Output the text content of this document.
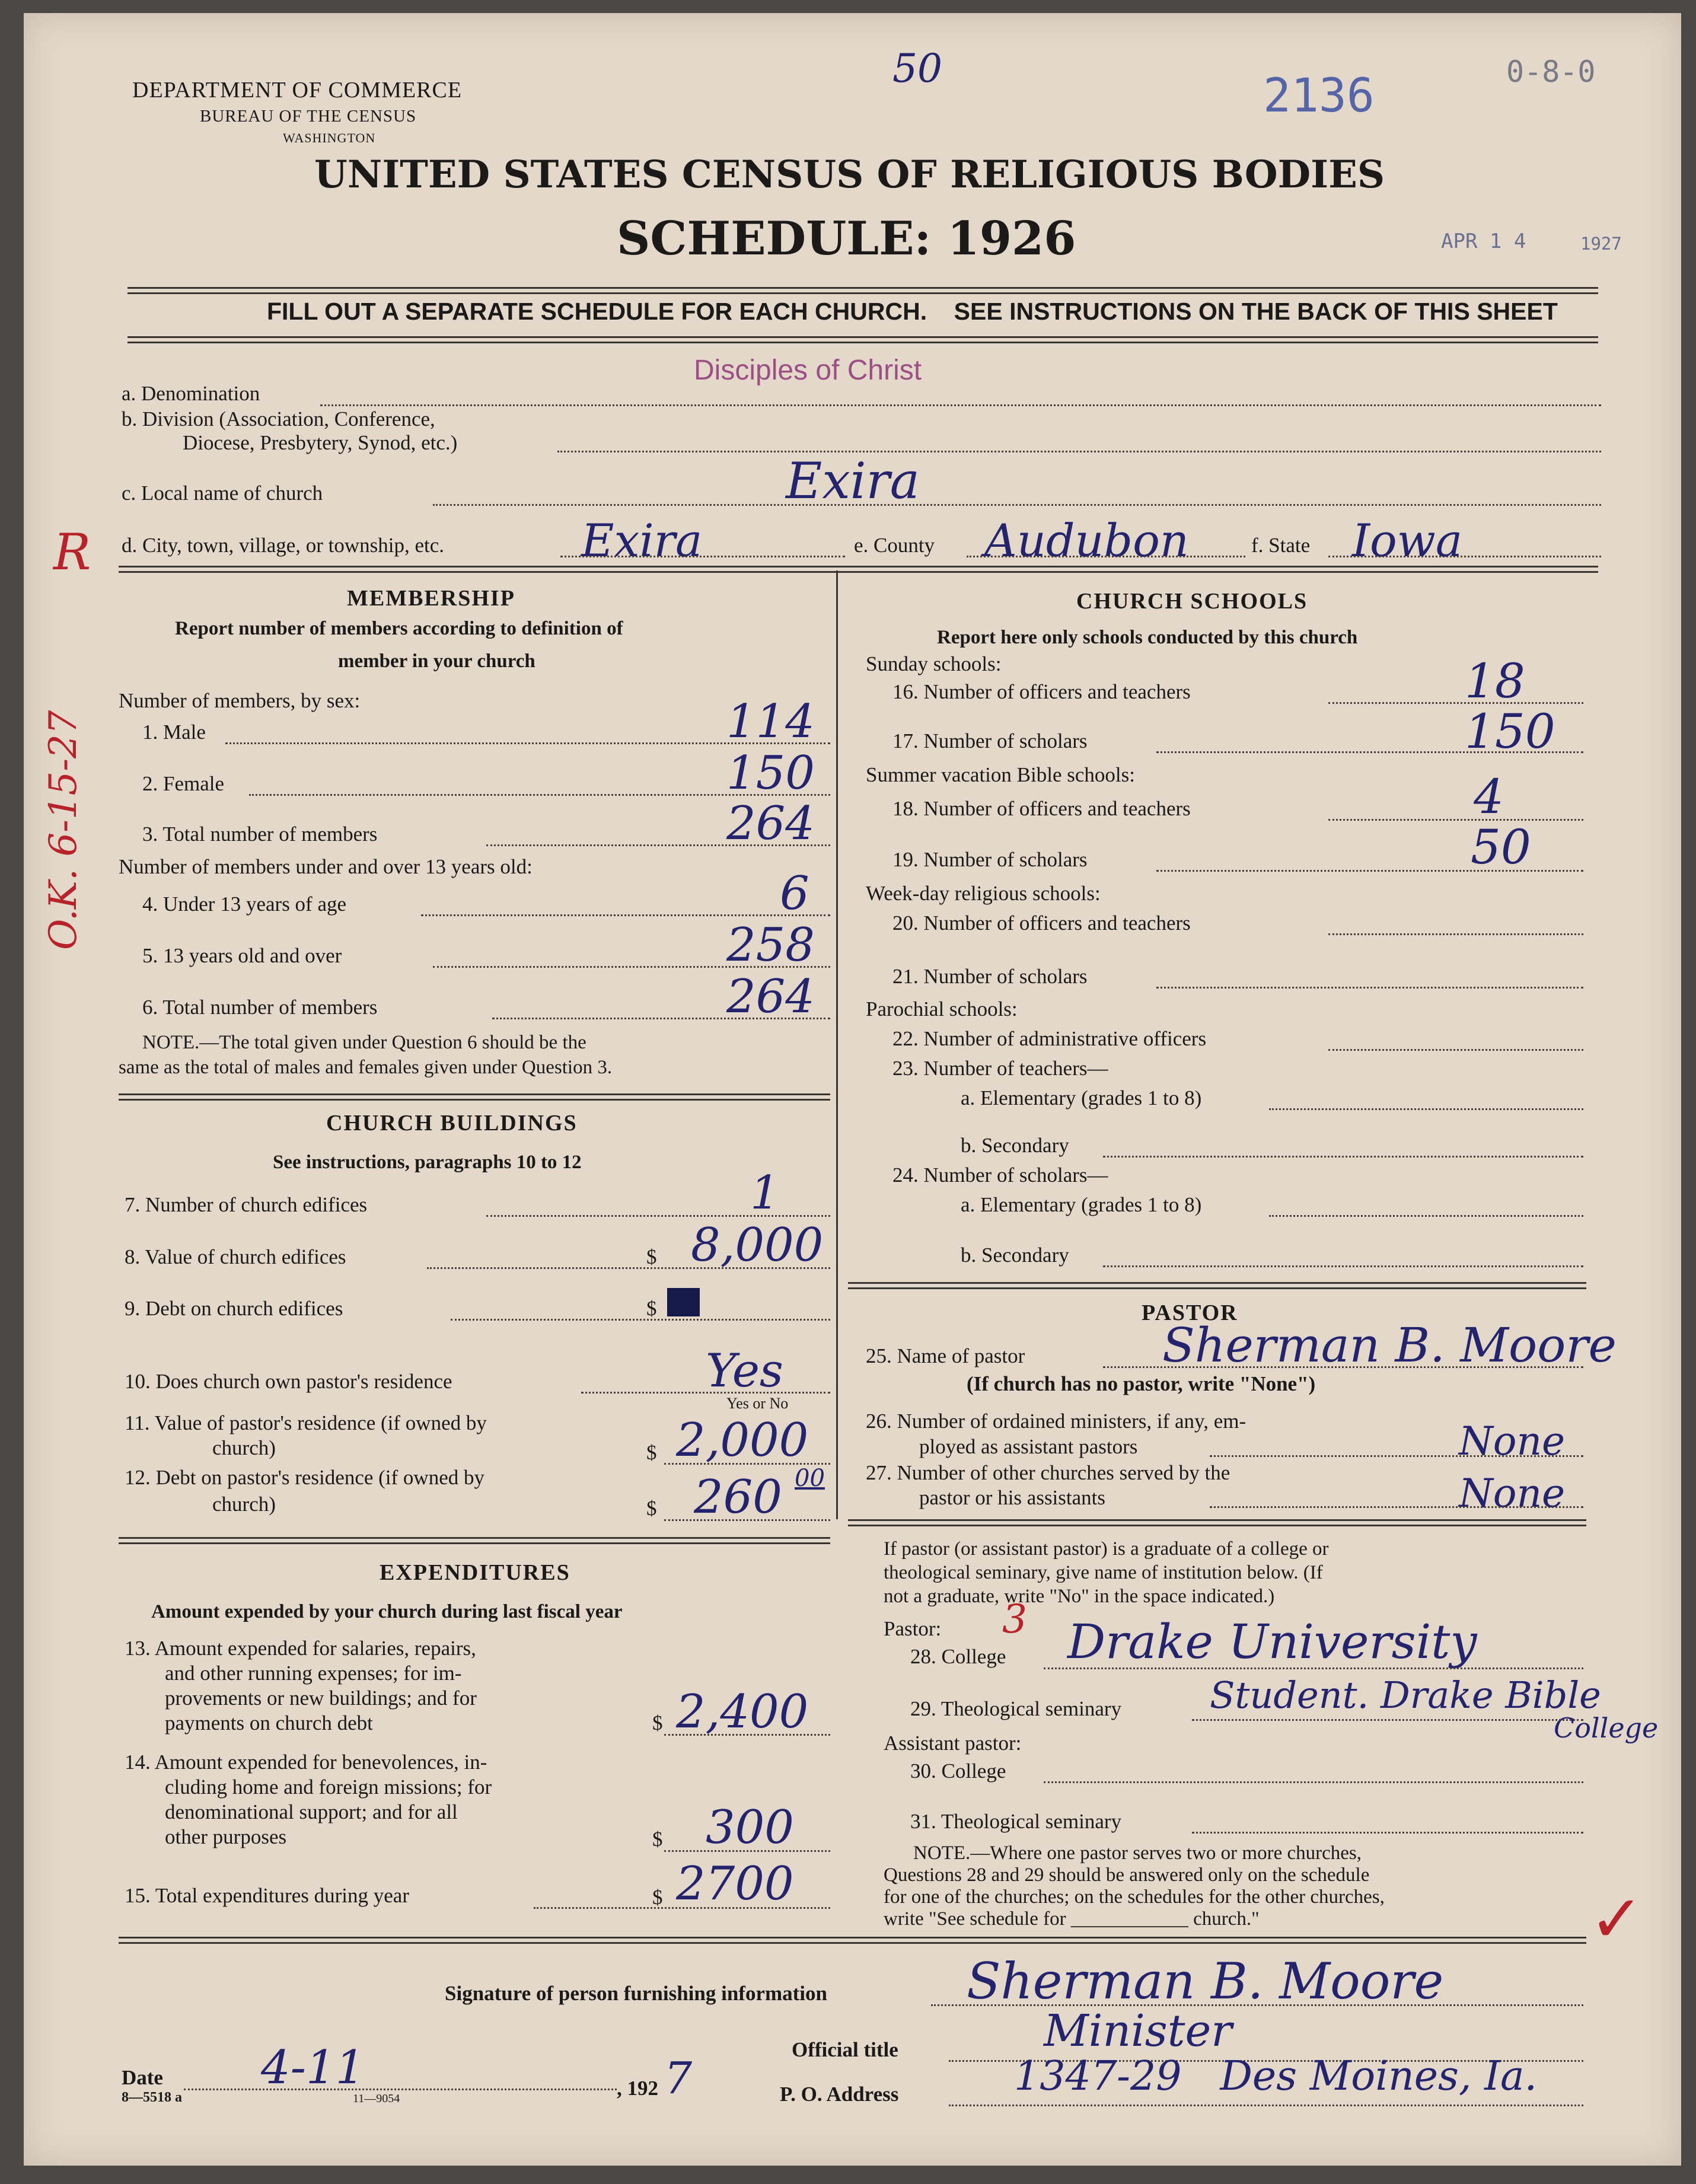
DEPARTMENT OF COMMERCE
BUREAU OF THE CENSUS
WASHINGTON
50
2136	0-8-0
APR 1 4	1927
UNITED STATES CENSUS OF RELIGIOUS BODIES
SCHEDULE: 1926
FILL OUT A SEPARATE SCHEDULE FOR EACH CHURCH.    SEE INSTRUCTIONS ON THE BACK OF THIS SHEET
Disciples of Christ
a. Denomination
b. Division (Association, Conference,
Diocese, Presbytery, Synod, etc.)
Exira
c. Local name of church
R d. City, town, village, or township, etc.	Exira	e. County Audubon	f. State Iowa
O.K. 6-15-27
MEMBERSHIP
Report number of members according to definition of
member in your church
Number of members, by sex:
1. Male	114
2. Female	150
3. Total number of members	264
Number of members under and over 13 years old:
4. Under 13 years of age	6
5. 13 years old and over	258
6. Total number of members	264
NOTE.—The total given under Question 6 should be the
same as the total of males and females given under Question 3.
CHURCH BUILDINGS
See instructions, paragraphs 10 to 12
7. Number of church edifices	1
8. Value of church edifices	$ 8,000
9. Debt on church edifices	$
10. Does church own pastor's residence	Yes
Yes or No
11. Value of pastor's residence (if owned by
church)	$ 2,000
12. Debt on pastor's residence (if owned by
church)	$ 260 00
EXPENDITURES
Amount expended by your church during last fiscal year
13. Amount expended for salaries, repairs,
and other running expenses; for im-
provements or new buildings; and for
payments on church debt	$ 2,400
14. Amount expended for benevolences, in-
cluding home and foreign missions; for
denominational support; and for all
other purposes	$ 300
15. Total expenditures during year	$ 2700
CHURCH SCHOOLS
Report here only schools conducted by this church
Sunday schools:
16. Number of officers and teachers	18
17. Number of scholars	150
Summer vacation Bible schools:
18. Number of officers and teachers	4
19. Number of scholars	50
Week-day religious schools:
20. Number of officers and teachers
21. Number of scholars
Parochial schools:
22. Number of administrative officers
23. Number of teachers—
a. Elementary (grades 1 to 8)
b. Secondary
24. Number of scholars—
a. Elementary (grades 1 to 8)
b. Secondary
PASTOR
25. Name of pastor	Sherman B. Moore
(If church has no pastor, write "None")
26. Number of ordained ministers, if any, em-
ployed as assistant pastors	None
27. Number of other churches served by the
pastor or his assistants	None
If pastor (or assistant pastor) is a graduate of a college or
theological seminary, give name of institution below. (If
not a graduate, write "No" in the space indicated.)
Pastor: 3
28. College Drake University
29. Theological seminary Student. Drake Bible
College
Assistant pastor:
30. College
31. Theological seminary
NOTE.—Where one pastor serves two or more churches,
Questions 28 and 29 should be answered only on the schedule
for one of the churches; on the schedules for the other churches,
write "See schedule for ____________ church."	✓
Signature of person furnishing information	Sherman B. Moore
Official title	Minister
Date 4-11	, 192 7
8—5518 a	11—9054	P. O. Address	1347-29   Des Moines, Ia.
